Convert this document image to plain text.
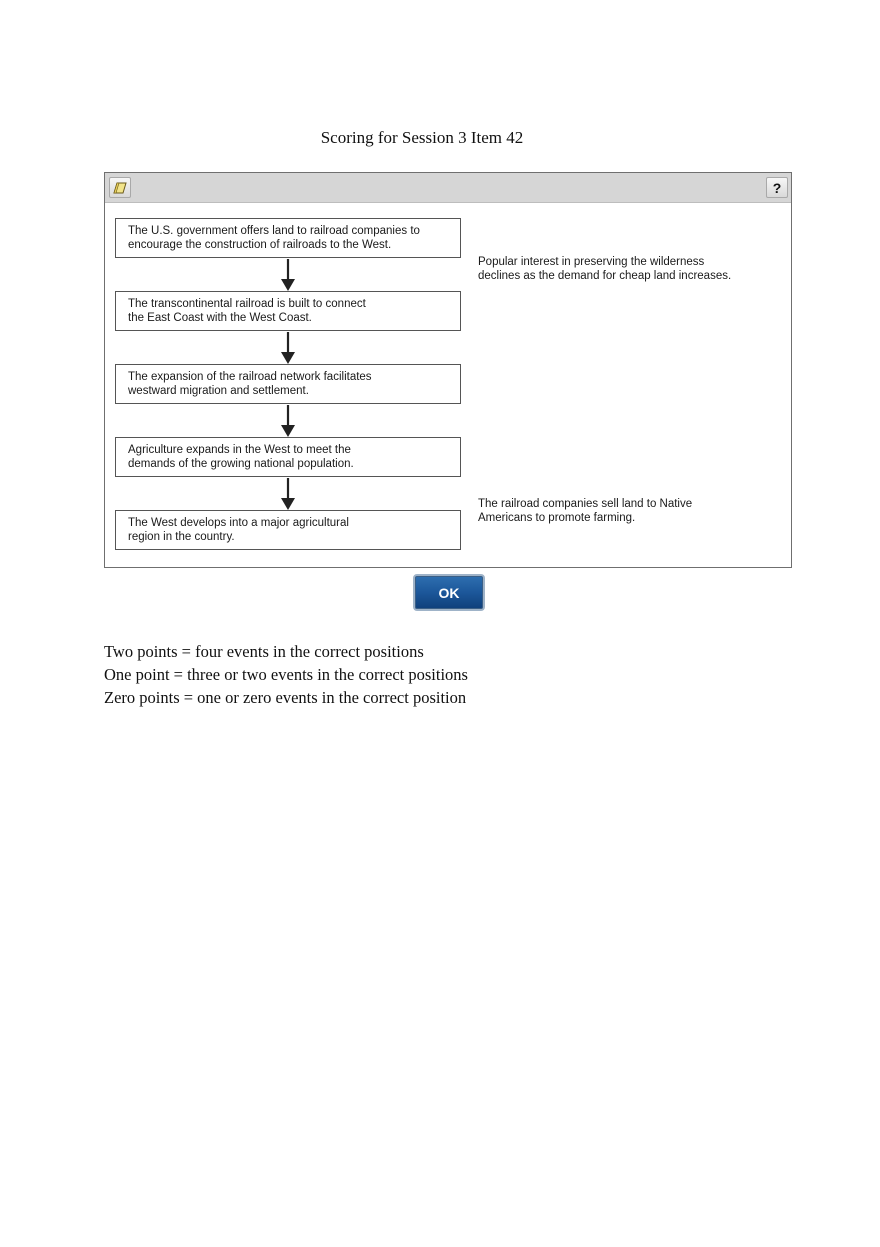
Scoring for Session 3 Item 42
?
The U.S. government offers land to railroad companies to
encourage the construction of railroads to the West.
The transcontinental railroad is built to connect
the East Coast with the West Coast.
The expansion of the railroad network facilitates
westward migration and settlement.
Agriculture expands in the West to meet the
demands of the growing national population.
The West develops into a major agricultural
region in the country.
Popular interest in preserving the wilderness
declines as the demand for cheap land increases.
The railroad companies sell land to Native
Americans to promote farming.
OK
Two points = four events in the correct positions
One point = three or two events in the correct positions
Zero points = one or zero events in the correct position
